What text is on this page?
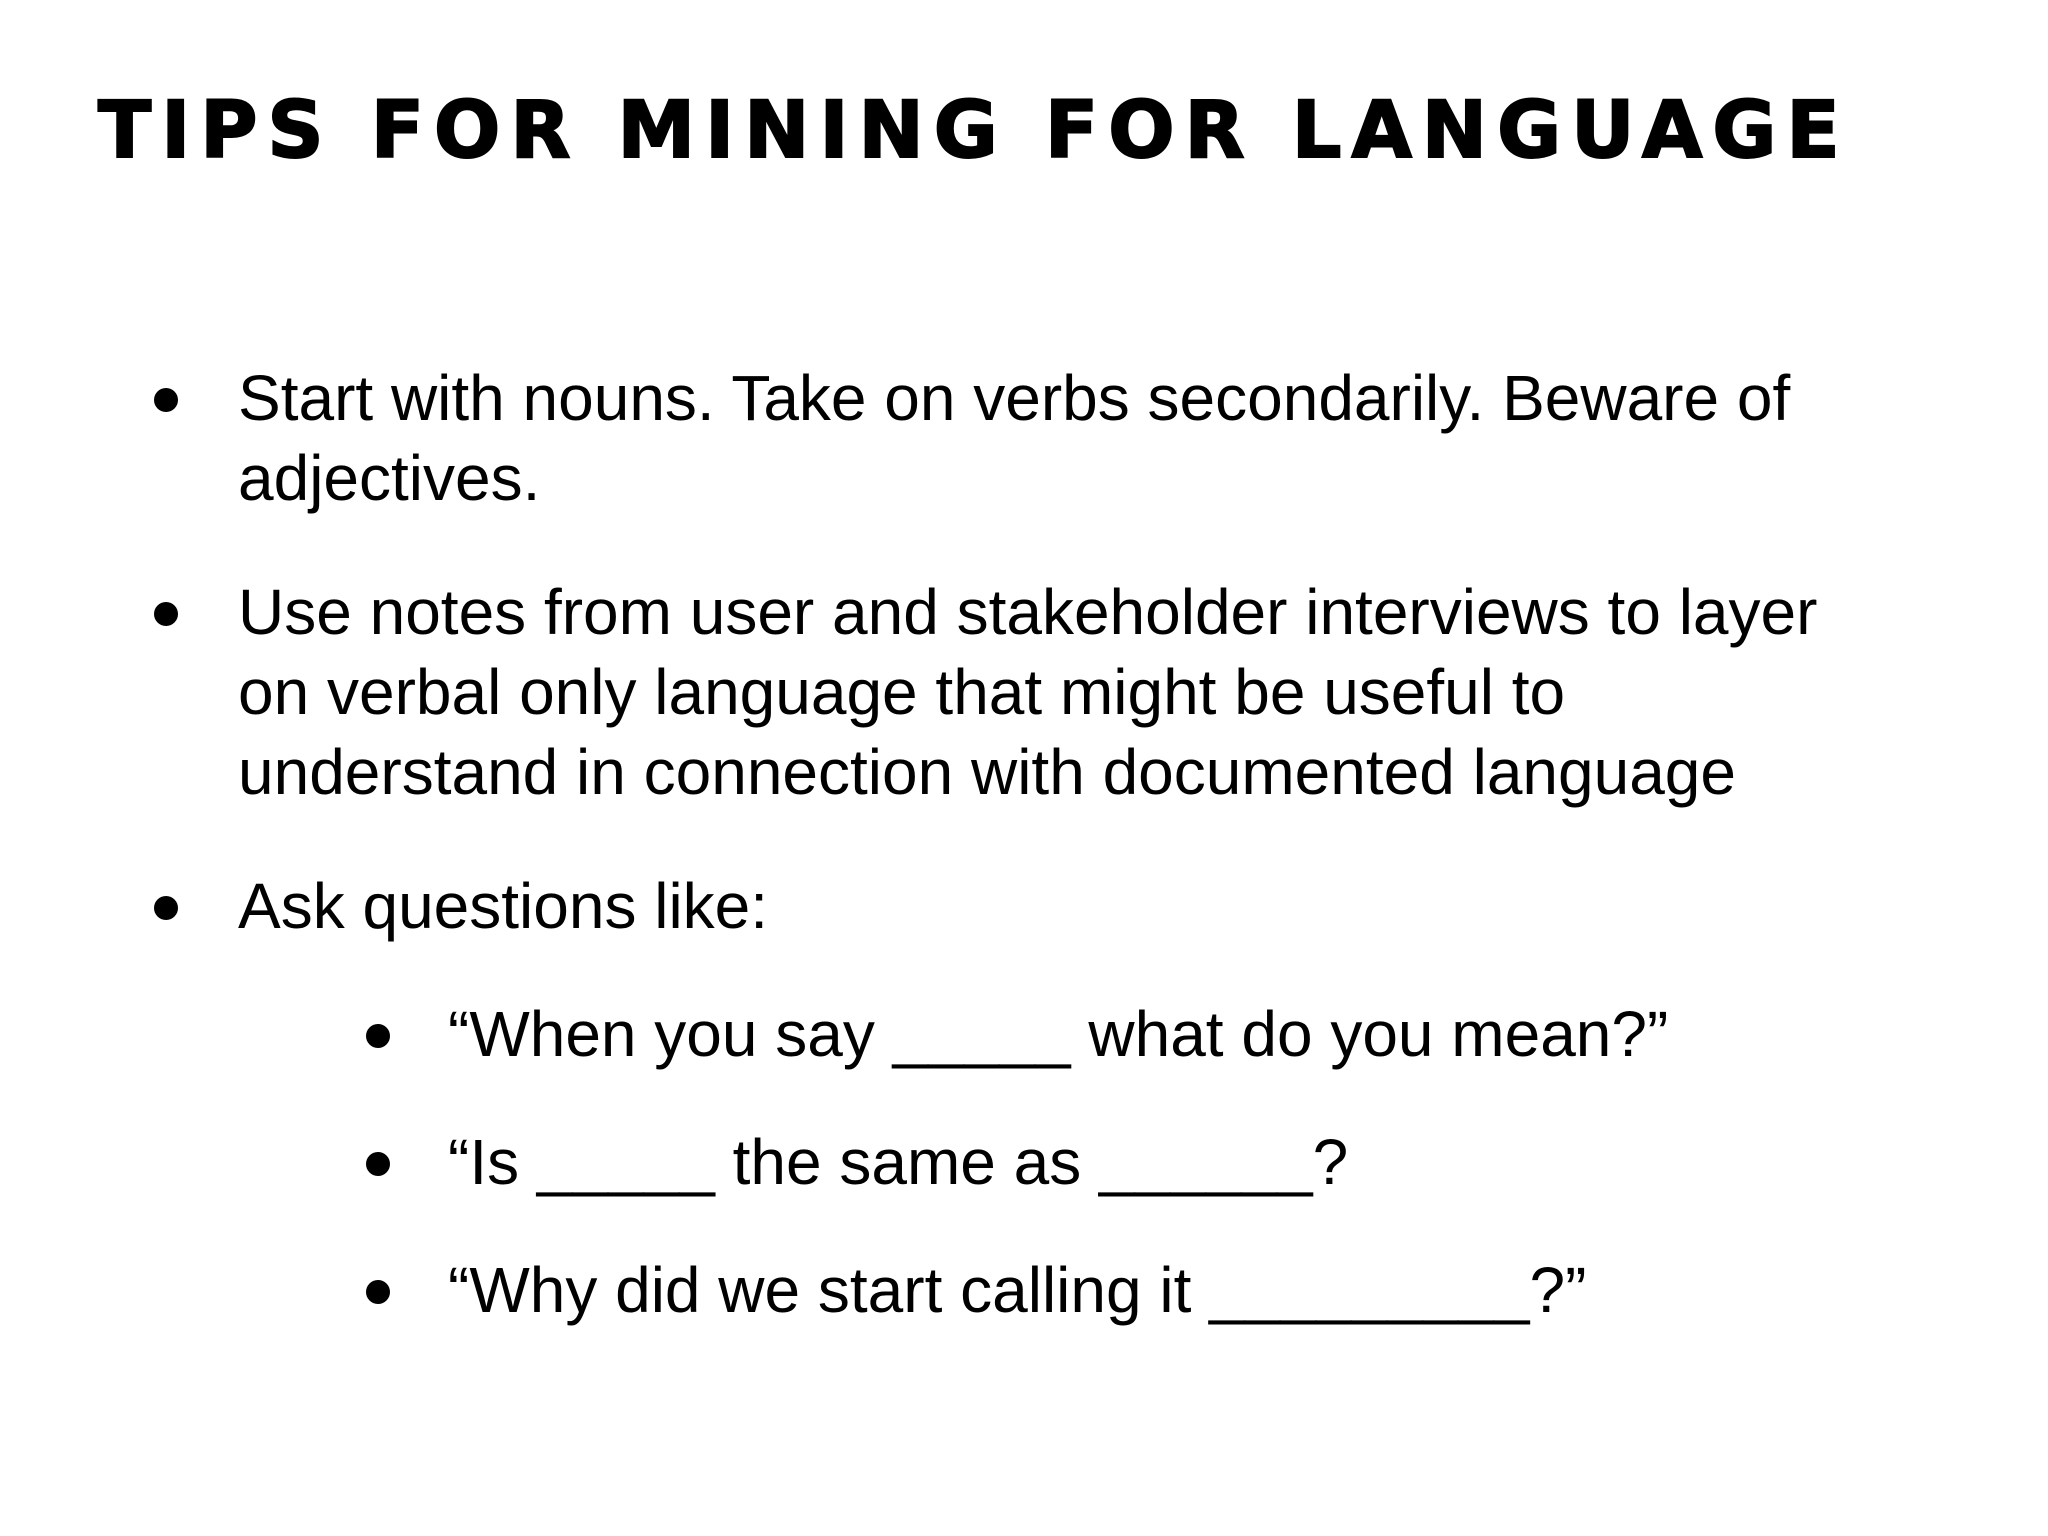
TIPS FOR MINING FOR LANGUAGE
Start with nouns. Take on verbs secondarily. Beware of
adjectives.
Use notes from user and stakeholder interviews to layer
on verbal only language that might be useful to
understand in connection with documented language
Ask questions like:
“When you say _____ what do you mean?”
“Is _____ the same as ______?
“Why did we start calling it _________?”
